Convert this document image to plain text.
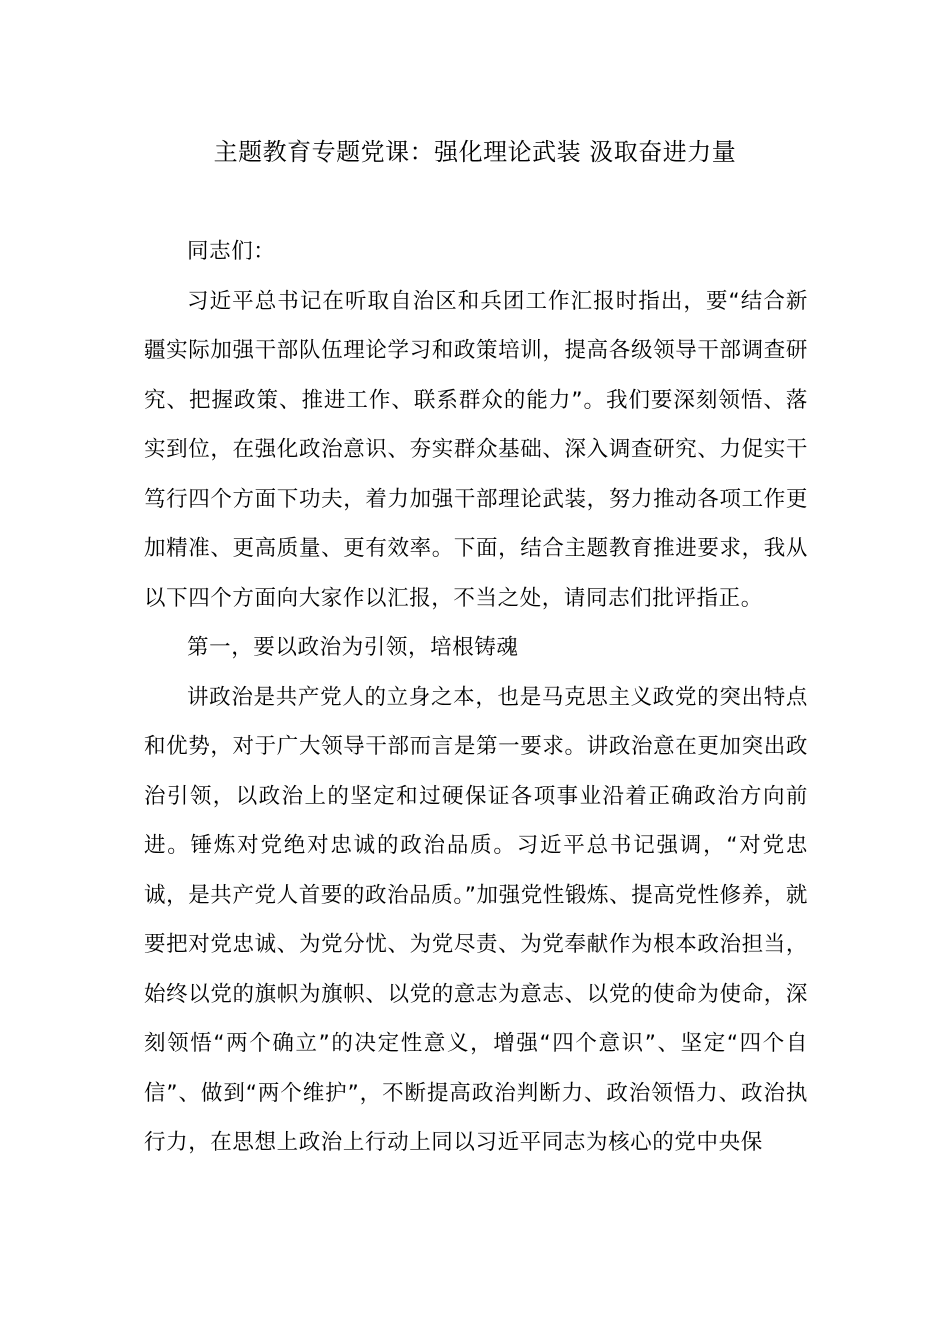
主题教育专题党课：强化理论武装 汲取奋进力量

同志们：

习近平总书记在听取自治区和兵团工作汇报时指出，要“结合新疆实际加强干部队伍理论学习和政策培训，提高各级领导干部调查研究、把握政策、推进工作、联系群众的能力”。我们要深刻领悟、落实到位，在强化政治意识、夯实群众基础、深入调查研究、力促实干笃行四个方面下功夫，着力加强干部理论武装，努力推动各项工作更加精准、更高质量、更有效率。下面，结合主题教育推进要求，我从以下四个方面向大家作以汇报，不当之处，请同志们批评指正。

第一，要以政治为引领，培根铸魂

讲政治是共产党人的立身之本，也是马克思主义政党的突出特点和优势，对于广大领导干部而言是第一要求。讲政治意在更加突出政治引领，以政治上的坚定和过硬保证各项事业沿着正确政治方向前进。锤炼对党绝对忠诚的政治品质。习近平总书记强调，“对党忠诚，是共产党人首要的政治品质。”加强党性锻炼、提高党性修养，就要把对党忠诚、为党分忧、为党尽责、为党奉献作为根本政治担当，始终以党的旗帜为旗帜、以党的意志为意志、以党的使命为使命，深刻领悟“两个确立”的决定性意义，增强“四个意识”、坚定“四个自信”、做到“两个维护”，不断提高政治判断力、政治领悟力、政治执行力，在思想上政治上行动上同以习近平同志为核心的党中央保
